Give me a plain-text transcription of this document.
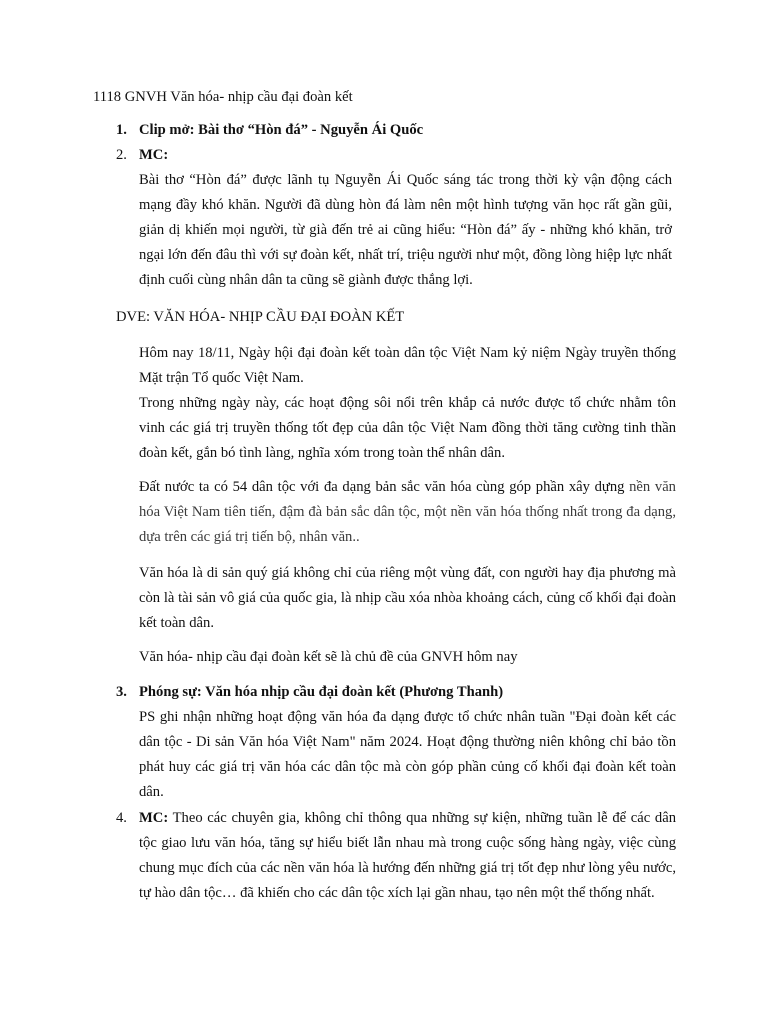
1118 GNVH Văn hóa- nhịp cầu đại đoàn kết
1. Clip mở: Bài thơ “Hòn đá” - Nguyễn Ái Quốc
2. MC:
Bài thơ “Hòn đá” được lãnh tụ Nguyễn Ái Quốc sáng tác trong thời kỳ vận động cách mạng đầy khó khăn. Người đã dùng hòn đá làm nên một hình tượng văn học rất gần gũi, giản dị khiến mọi người, từ già đến trẻ ai cũng hiểu: “Hòn đá” ấy - những khó khăn, trở ngại lớn đến đâu thì với sự đoàn kết, nhất trí, triệu người như một, đồng lòng hiệp lực nhất định cuối cùng nhân dân ta cũng sẽ giành được thắng lợi.
DVE: VĂN HÓA- NHỊP CẦU ĐẠI ĐOÀN KẾT
Hôm nay 18/11, Ngày hội đại đoàn kết toàn dân tộc Việt Nam kỷ niệm Ngày truyền thống Mặt trận Tổ quốc Việt Nam.
Trong những ngày này, các hoạt động sôi nổi trên khắp cả nước được tổ chức nhằm tôn vinh các giá trị truyền thống tốt đẹp của dân tộc Việt Nam đồng thời tăng cường tinh thần đoàn kết, gắn bó tình làng, nghĩa xóm trong toàn thể nhân dân.
Đất nước ta có 54 dân tộc với đa dạng bản sắc văn hóa cùng góp phần xây dựng nền văn hóa Việt Nam tiên tiến, đậm đà bản sắc dân tộc, một nền văn hóa thống nhất trong đa dạng, dựa trên các giá trị tiến bộ, nhân văn..
Văn hóa là di sản quý giá không chỉ của riêng một vùng đất, con người hay địa phương mà còn là tài sản vô giá của quốc gia, là nhịp cầu xóa nhòa khoảng cách, củng cố khối đại đoàn kết toàn dân.
Văn hóa- nhịp cầu đại đoàn kết sẽ là chủ đề của GNVH hôm nay
3. Phóng sự: Văn hóa nhịp cầu đại đoàn kết (Phương Thanh)
PS ghi nhận những hoạt động văn hóa đa dạng được tổ chức nhân tuần "Đại đoàn kết các dân tộc - Di sản Văn hóa Việt Nam" năm 2024. Hoạt động thường niên không chỉ bảo tồn phát huy các giá trị văn hóa các dân tộc mà còn góp phần củng cố khối đại đoàn kết toàn dân.
4. MC: Theo các chuyên gia, không chỉ thông qua những sự kiện, những tuần lễ để các dân tộc giao lưu văn hóa, tăng sự hiểu biết lẫn nhau mà trong cuộc sống hàng ngày, việc cùng chung mục đích của các nền văn hóa là hướng đến những giá trị tốt đẹp như lòng yêu nước, tự hào dân tộc… đã khiến cho các dân tộc xích lại gần nhau, tạo nên một thể thống nhất.
